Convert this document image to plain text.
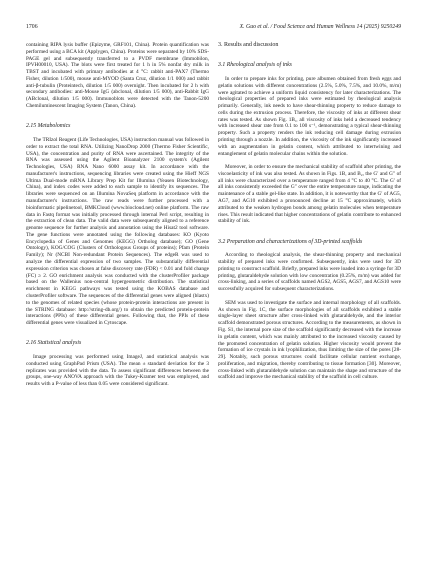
1706	X. Guo et al. / Food Science and Human Wellness 14 (2025) 9250249

containing RIPA lysis buffer (Epizyme, GRF101, China). Protein quantification was performed using a BCA kit (Applygen, China). Proteins were separated by 10% SDS-PAGE gel and subsequently transferred to a PVDF membrane (Immobilon, IPVH00010, USA). The blots were first treated for 1 h in 5% nonfat dry milk in TBST and incubated with primary antibodies at 4 °C: rabbit anti-PAX7 (Thermo Fisher, dilution 1/500), mouse anti-MYOD (Santa Cruz, dilution 1/1 000) and rabbit anti-β-tubulin (Proteintech, dilution 1/5 000) overnight. Then incubated for 2 h with secondary antibodies: anti-Mouse IgG (abclonal, dilution 1/5 000), anti-Rabbit IgG (ABclonal, dilution 1/5 000). Immunoblots were detected with the Tanon-5200 Chemiluminescent Imaging System (Tanon, China).

2.15 Metabolomics

The TRIzol Reagent (Life Technologies, USA) instruction manual was followed in order to extract the total RNA. Utilizing NanoDrop 2000 (Thermo Fisher Scientific, USA), the concentration and purity of RNA were ascertained. The integrity of the RNA was assessed using the Agilent Bioanalyzer 2100 system's (Agilent Technologies, USA) RNA Nano 6000 assay kit. In accordance with the manufacturer's instructions, sequencing libraries were created using the Hieff NGS Ultima Dual-mode mRNA Library Prep Kit for Illumina (Yeasen Biotechnology, China), and index codes were added to each sample to identify its sequences. The libraries were sequenced on an Illumina NovaSeq platform in accordance with the manufacturer's instructions. The raw reads were further processed with a bioinformatic pipelinetool, BMKCloud (www.biocloud.net) online platform. The raw data in Fastq format was initially processed through internal Perl script, resulting in the extraction of clean data. The valid data were subsequently aligned to a reference genome sequence for further analysis and annotation using the Hisat2 tool software. The gene functions were annotated using the following databases: KO (Kyoto Encyclopedia of Genes and Genomes (KEGG) Ortholog database); GO (Gene Ontology), KOG/COG (Clusters of Orthologous Groups of proteins); Pfam (Protein Family); Nr (NCBI Non-redundant Protein Sequences). The edgeR was used to analyze the differential expression of two samples. The substantially differential expression criterion was chosen at false discovery rate (FDR) < 0.01 and fold change (FC) ≥ 2. GO enrichment analysis was conducted with the clusterProfiler package based on the Wallenius non-central hypergeometric distribution. The statistical enrichment in KEGG pathways was tested using the KOBAS database and clusterProfiler software. The sequences of the differential genes were aligned (blastx) to the genomes of related species (whose protein-protein interactions are present in the STRING database: http://string-db.org/) to obtain the predicted protein-protein interactions (PPIs) of these differential genes. Following that, the PPIs of these differential genes were visualized in Cytoscape.

2.16 Statistical analysis

Image processing was performed using ImageJ, and statistical analysis was conducted using GraphPad Prism (USA). The mean ± standard deviation for the 3 replicates was provided with the data. To assess significant differences between the groups, one-way ANOVA approach with the Tukey-Kramer test was employed, and results with a P-value of less than 0.05 were considered significant.

3. Results and discussion
3.1 Rheological analysis of inks

In order to prepare inks for printing, pure albumen obtained from fresh eggs and gelatin solutions with different concentrations (2.5%, 5.0%, 7.5%, and 10.0%, m/m) were agitated to achieve a uniform liquid consistency for later characterizations. The rheological properties of prepared inks were estimated by rheological analysis primarily. Generally, ink needs to have shear-thinning property to reduce damage to cells during the extrusion process. Therefore, the viscosity of inks at different shear rates was tested. As shown Fig. 1B,, all viscosity of inks held a decreased tendency with increased shear rate from 0.1 to 100 s⁻¹, demonstrating a typical shear-thinning property. Such a property renders the ink reducing cell damage during extrusion printing through a nozzle. In addition, the viscosity of the ink significantly increased with an augmentation in gelatin content, which attributed to intertwining and entanglement of gelatin molecular chains within the solution.

Moreover, in order to ensure the mechanical stability of scaffold after printing, the viscoelasticity of ink was also tested. As shown in Figs. 1B, and B₂, the G′ and G″ of all inks were characterized over a temperature ranged from 4 °C to 40 °C. The G′ of all inks consistently exceeded the G″ over the entire temperature range, indicating the maintenance of a stable gel-like state. In addition, it is noteworthy that the G′ of AG5, AG7, and AG10 exhibited a pronounced decline at 15 °C approximately, which attributed to the weaken hydrogen bonds among gelatin molecules when temperature rises. This result indicated that higher concentrations of gelatin contribute to enhanced stability of ink.

3.2 Preparation and characterizations of 3D-printed scaffolds

According to rheological analysis, the shear-thinning property and mechanical stability of prepared inks were confirmed. Subsequently, inks were used for 3D printing to construct scaffold. Briefly, prepared inks were loaded into a syringe for 3D printing, glutaraldehyde solution with low concentration (0.25%, m/m) was added for cross-linking, and a series of scaffolds named AGS2, AGS5, AGS7, and AGS10 were successfully acquired for subsequent characterizations.

SEM was used to investigate the surface and internal morphology of all scaffolds. As shown in Fig. 1C, the surface morphologies of all scaffolds exhibited a stable single-layer sheet structure after cross-linked with glutaraldehyde, and the interior scaffold demonstrated porous structures. According to the measurements, as shown in Fig. S1, the internal pore size of the scaffold significantly decreased with the increase in gelatin content, which was mainly attributed to the increased viscosity caused by the promoted concentration of gelatin solution. Higher viscosity would prevent the formation of ice crystals in ink lyophilization, thus limiting the size of the pores [28-29]. Notably, such porous structures could facilitate cellular nutrient exchange, proliferation, and migration, thereby contributing to tissue formation [30]. Moreover, cross-linked with glutaraldehyde solution can maintain the shape and structure of the scaffold and improve the mechanical stability of the scaffold in cell culture.
